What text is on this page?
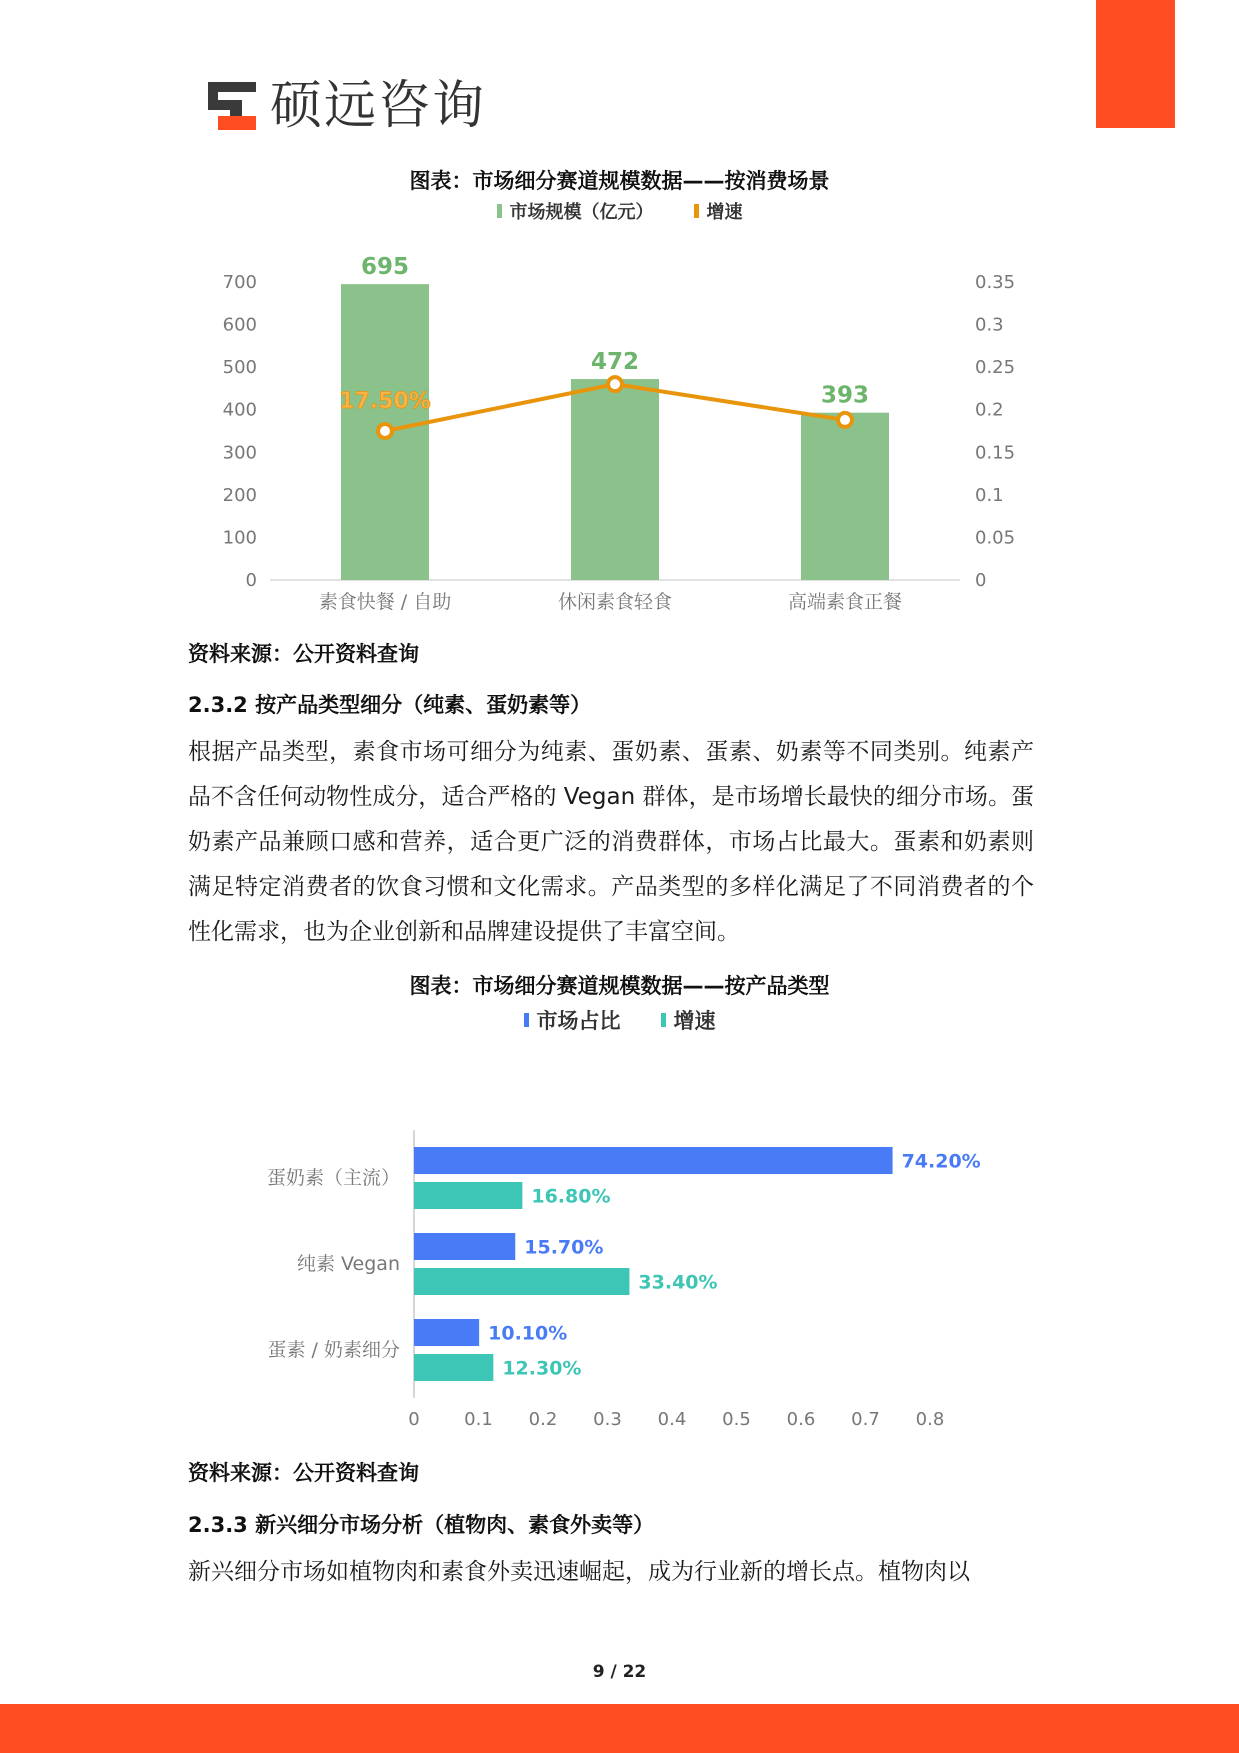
硕远咨询
图表：市场细分赛道规模数据——按消费场景
市场规模（亿元）	增速
0
100
200
300
400
500
600
700
0
0.05
0.1
0.15
0.2
0.25
0.3
0.35
695
472
393
素食快餐 / 自助	休闲素食轻食	高端素食正餐
17.50%
资料来源：公开资料查询
2.3.2 按产品类型细分（纯素、蛋奶素等）

根据产品类型，素食市场可细分为纯素、蛋奶素、蛋素、奶素等不同类别。纯素产品不含任何动物性成分，适合严格的 Vegan 群体，是市场增长最快的细分市场。蛋奶素产品兼顾口感和营养，适合更广泛的消费群体，市场占比最大。蛋素和奶素则满足特定消费者的饮食习惯和文化需求。产品类型的多样化满足了不同消费者的个性化需求，也为企业创新和品牌建设提供了丰富空间。

图表：市场细分赛道规模数据——按产品类型
市场占比	增速
蛋奶素（主流）
74.20%
16.80%
纯素 Vegan
15.70%
33.40%
蛋素 / 奶素细分
10.10%
12.30%
0 0.1 0.2 0.3 0.4 0.5 0.6 0.7 0.8
资料来源：公开资料查询
2.3.3 新兴细分市场分析（植物肉、素食外卖等）

新兴细分市场如植物肉和素食外卖迅速崛起，成为行业新的增长点。植物肉以

9 / 22
